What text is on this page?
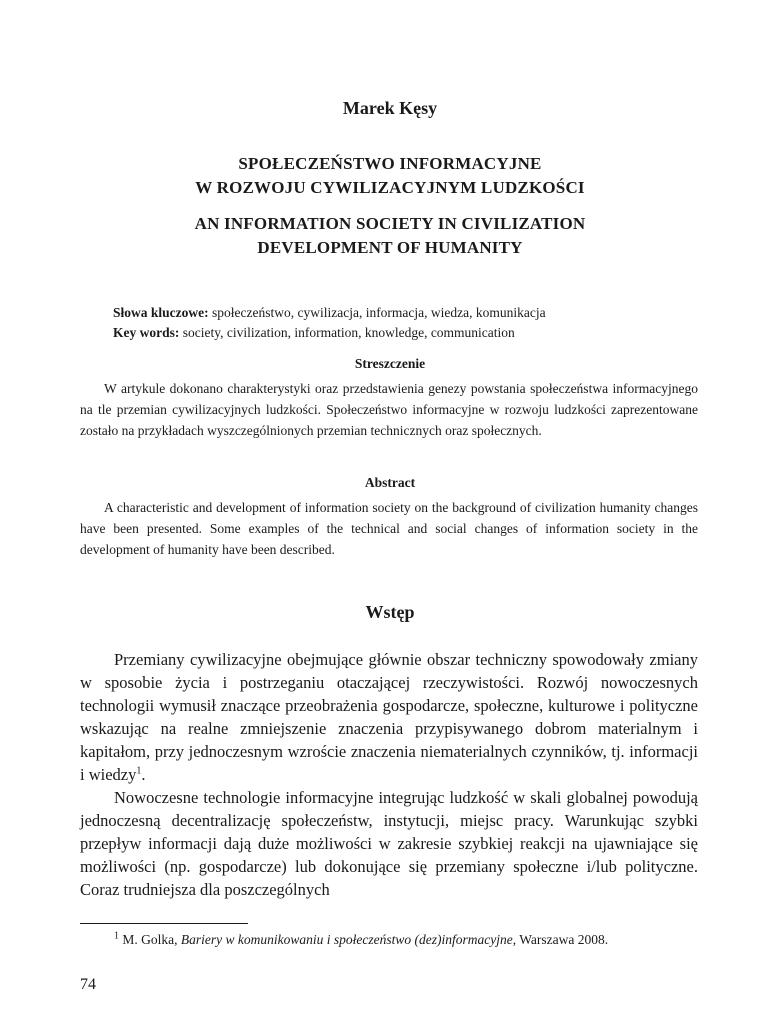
Marek Kęsy
SPOŁECZEŃSTWO INFORMACYJNE
W ROZWOJU CYWILIZACYJNYM LUDZKOŚCI
AN INFORMATION SOCIETY IN CIVILIZATION
DEVELOPMENT OF HUMANITY
Słowa kluczowe: społeczeństwo, cywilizacja, informacja, wiedza, komunikacja
Key words: society, civilization, information, knowledge, communication
Streszczenie
W artykule dokonano charakterystyki oraz przedstawienia genezy powstania społeczeństwa informacyjnego na tle przemian cywilizacyjnych ludzkości. Społeczeństwo informacyjne w rozwoju ludzkości zaprezentowane zostało na przykładach wyszczególnionych przemian technicznych oraz społecznych.
Abstract
A characteristic and development of information society on the background of civilization humanity changes have been presented. Some examples of the technical and social changes of information society in the development of humanity have been described.
Wstęp
Przemiany cywilizacyjne obejmujące głównie obszar techniczny spowodowały zmiany w sposobie życia i postrzeganiu otaczającej rzeczywistości. Rozwój nowoczesnych technologii wymusił znaczące przeobrażenia gospodarcze, społeczne, kulturowe i polityczne wskazując na realne zmniejszenie znaczenia przypisywanego dobrom materialnym i kapitałom, przy jednoczesnym wzroście znaczenia niematerialnych czynników, tj. informacji i wiedzy$^1$.
Nowoczesne technologie informacyjne integrując ludzkość w skali globalnej powodują jednoczesną decentralizację społeczeństw, instytucji, miejsc pracy. Warunkując szybki przepływ informacji dają duże możliwości w zakresie szybkiej reakcji na ujawniające się możliwości (np. gospodarcze) lub dokonujące się przemiany społeczne i/lub polityczne. Coraz trudniejsza dla poszczególnych
$^1$ M. Golka, Bariery w komunikowaniu i społeczeństwo (dez)informacyjne, Warszawa 2008.
74
